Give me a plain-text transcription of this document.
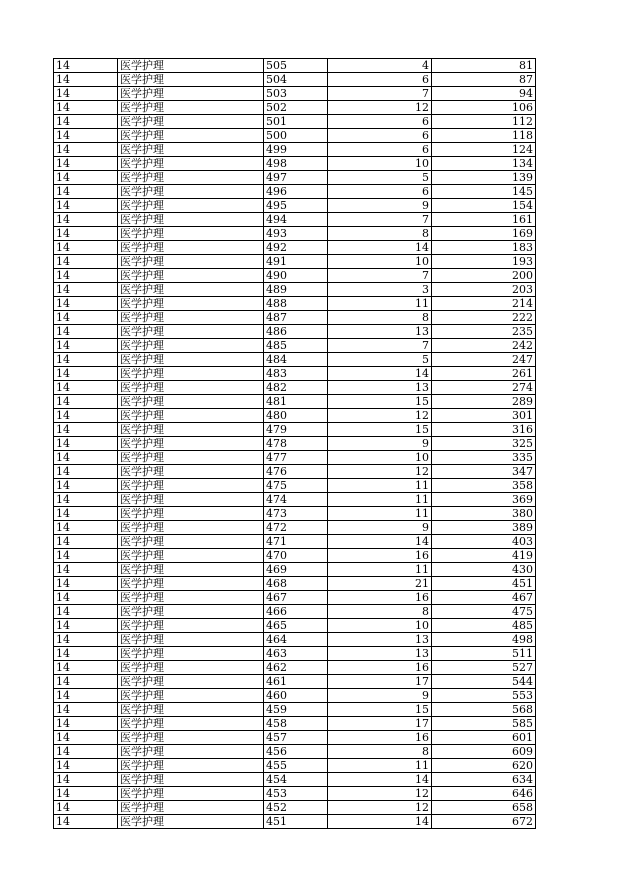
14	医学护理	505	4	81
14	医学护理	504	6	87
14	医学护理	503	7	94
14	医学护理	502	12	106
14	医学护理	501	6	112
14	医学护理	500	6	118
14	医学护理	499	6	124
14	医学护理	498	10	134
14	医学护理	497	5	139
14	医学护理	496	6	145
14	医学护理	495	9	154
14	医学护理	494	7	161
14	医学护理	493	8	169
14	医学护理	492	14	183
14	医学护理	491	10	193
14	医学护理	490	7	200
14	医学护理	489	3	203
14	医学护理	488	11	214
14	医学护理	487	8	222
14	医学护理	486	13	235
14	医学护理	485	7	242
14	医学护理	484	5	247
14	医学护理	483	14	261
14	医学护理	482	13	274
14	医学护理	481	15	289
14	医学护理	480	12	301
14	医学护理	479	15	316
14	医学护理	478	9	325
14	医学护理	477	10	335
14	医学护理	476	12	347
14	医学护理	475	11	358
14	医学护理	474	11	369
14	医学护理	473	11	380
14	医学护理	472	9	389
14	医学护理	471	14	403
14	医学护理	470	16	419
14	医学护理	469	11	430
14	医学护理	468	21	451
14	医学护理	467	16	467
14	医学护理	466	8	475
14	医学护理	465	10	485
14	医学护理	464	13	498
14	医学护理	463	13	511
14	医学护理	462	16	527
14	医学护理	461	17	544
14	医学护理	460	9	553
14	医学护理	459	15	568
14	医学护理	458	17	585
14	医学护理	457	16	601
14	医学护理	456	8	609
14	医学护理	455	11	620
14	医学护理	454	14	634
14	医学护理	453	12	646
14	医学护理	452	12	658
14	医学护理	451	14	672
